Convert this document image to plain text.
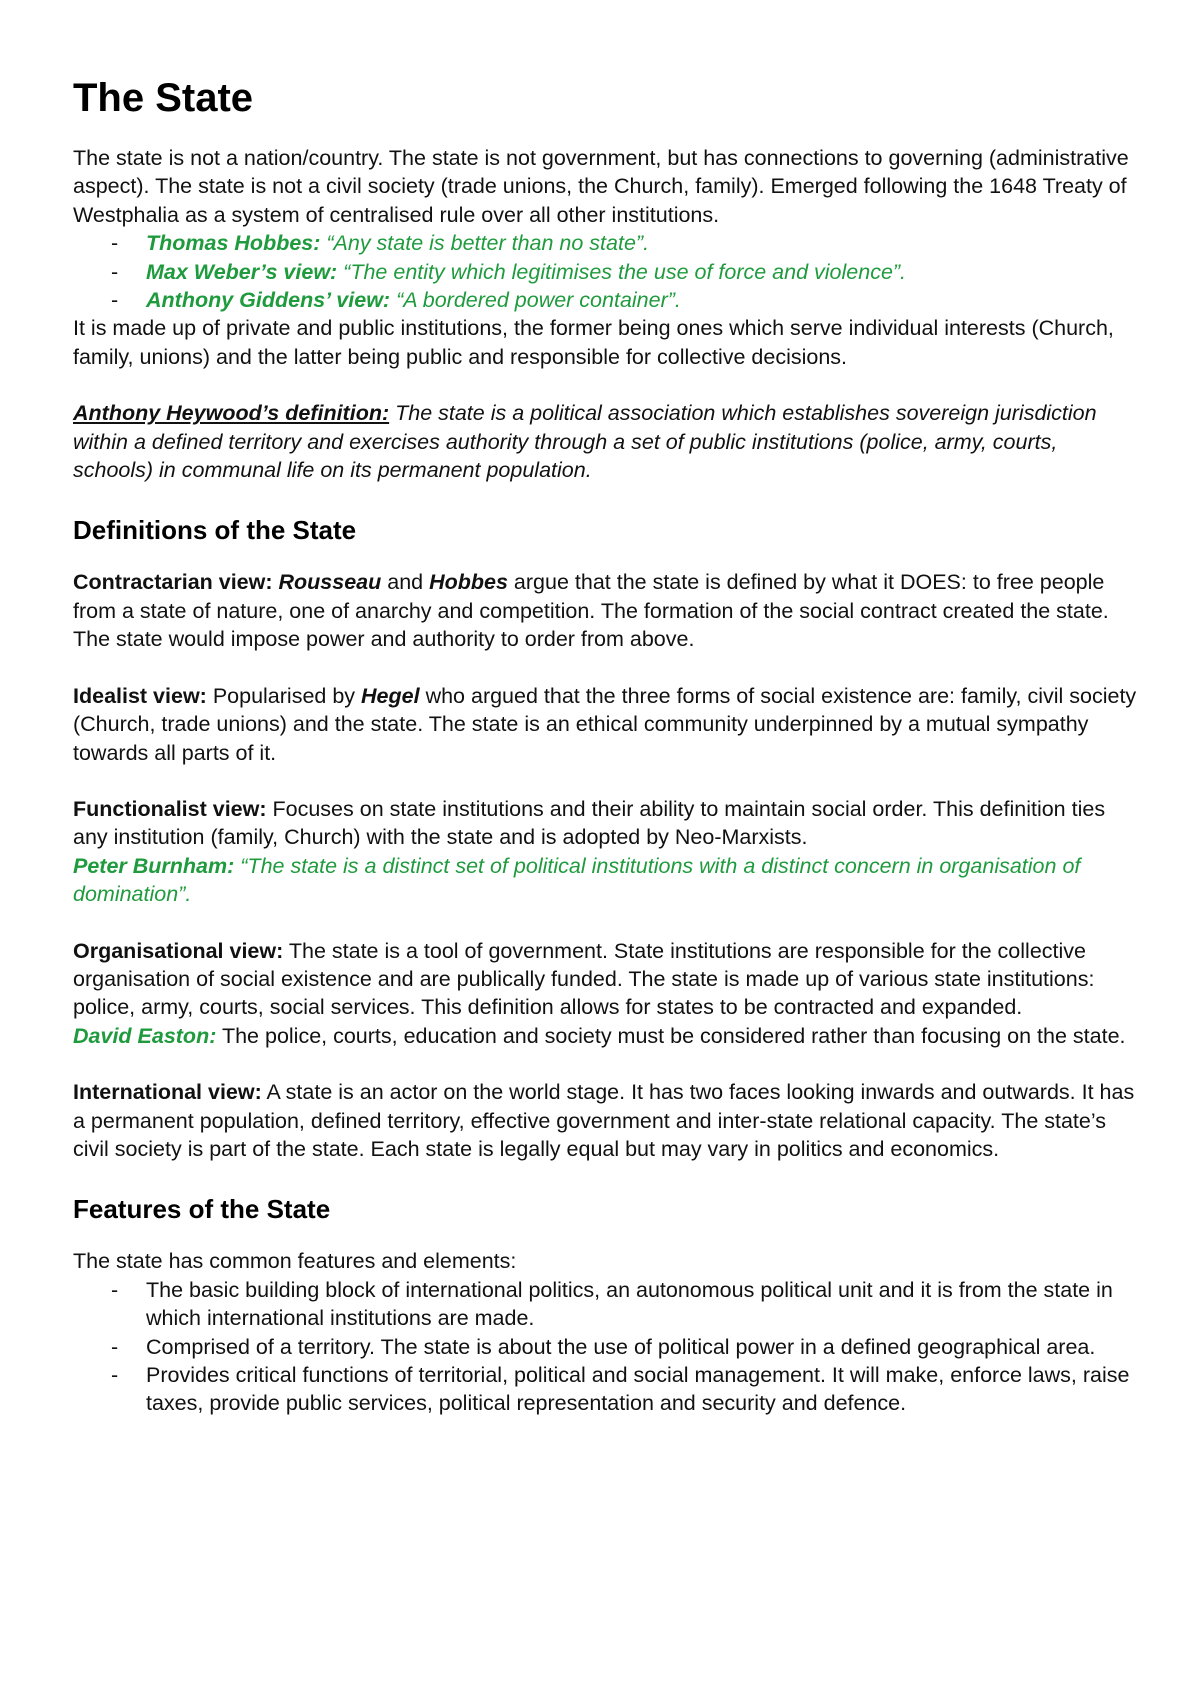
The State

The state is not a nation/country. The state is not government, but has connections to governing (administrative aspect). The state is not a civil society (trade unions, the Church, family). Emerged following the 1648 Treaty of Westphalia as a system of centralised rule over all other institutions.

- Thomas Hobbes: “Any state is better than no state”.
- Max Weber’s view: “The entity which legitimises the use of force and violence”.
- Anthony Giddens’ view: “A bordered power container”.

It is made up of private and public institutions, the former being ones which serve individual interests (Church, family, unions) and the latter being public and responsible for collective decisions.

Anthony Heywood’s definition: The state is a political association which establishes sovereign jurisdiction within a defined territory and exercises authority through a set of public institutions (police, army, courts, schools) in communal life on its permanent population.

Definitions of the State

Contractarian view: Rousseau and Hobbes argue that the state is defined by what it DOES: to free people from a state of nature, one of anarchy and competition. The formation of the social contract created the state. The state would impose power and authority to order from above.

Idealist view: Popularised by Hegel who argued that the three forms of social existence are: family, civil society (Church, trade unions) and the state. The state is an ethical community underpinned by a mutual sympathy towards all parts of it.

Functionalist view: Focuses on state institutions and their ability to maintain social order. This definition ties any institution (family, Church) with the state and is adopted by Neo-Marxists.

Peter Burnham: “The state is a distinct set of political institutions with a distinct concern in organisation of domination”.

Organisational view: The state is a tool of government. State institutions are responsible for the collective organisation of social existence and are publically funded. The state is made up of various state institutions: police, army, courts, social services. This definition allows for states to be contracted and expanded.

David Easton: The police, courts, education and society must be considered rather than focusing on the state.

International view: A state is an actor on the world stage. It has two faces looking inwards and outwards. It has a permanent population, defined territory, effective government and inter-state relational capacity. The state’s civil society is part of the state. Each state is legally equal but may vary in politics and economics.

Features of the State

The state has common features and elements:

- The basic building block of international politics, an autonomous political unit and it is from the state in which international institutions are made.
- Comprised of a territory. The state is about the use of political power in a defined geographical area.
- Provides critical functions of territorial, political and social management. It will make, enforce laws, raise taxes, provide public services, political representation and security and defence.
